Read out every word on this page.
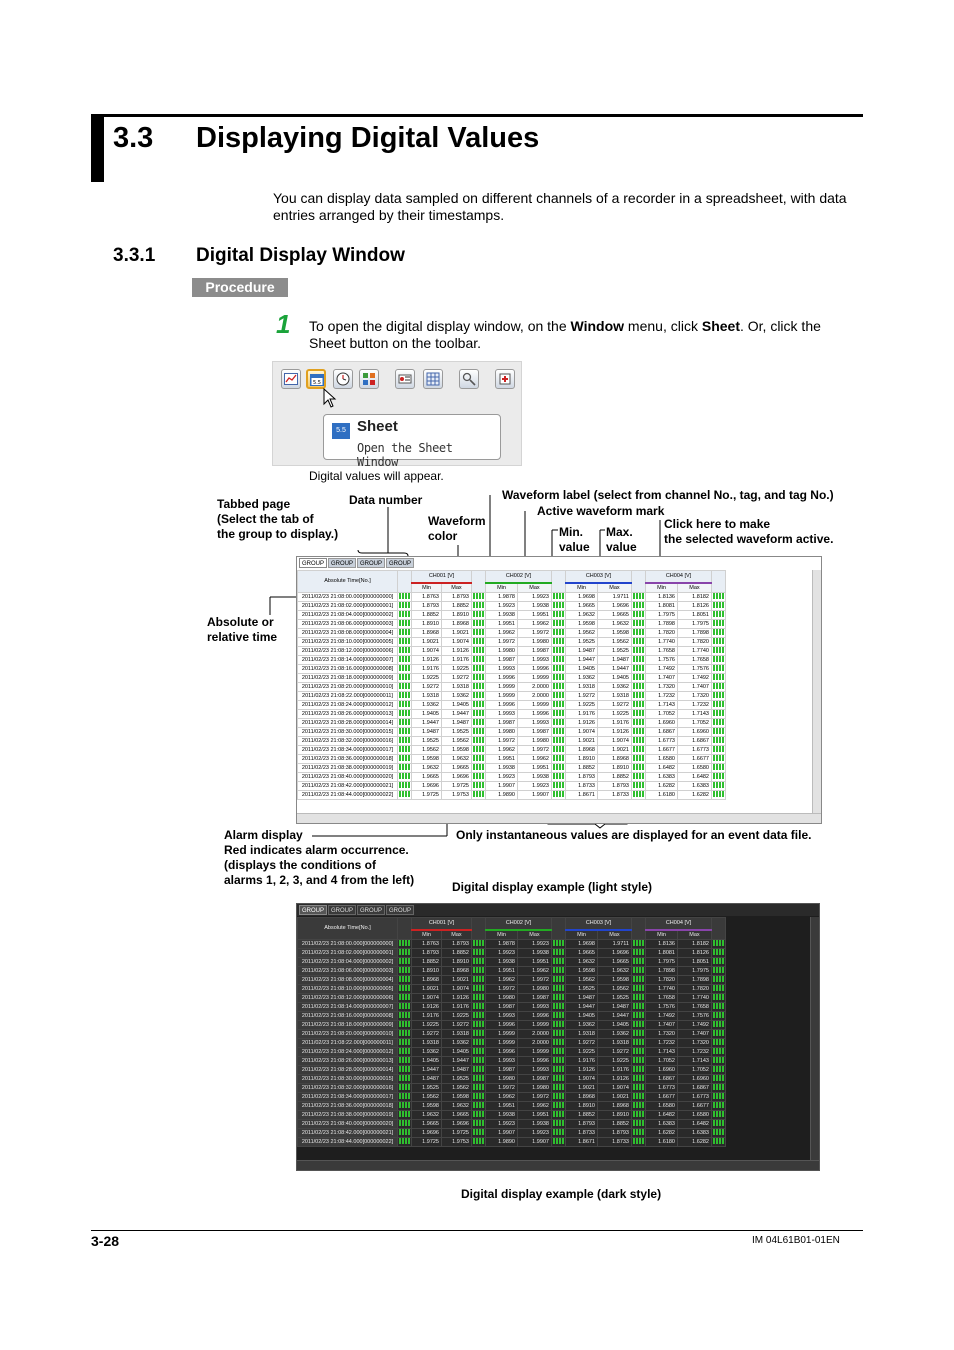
3.3 Displaying Digital Values
You can display data sampled on different channels of a recorder in a spreadsheet, with data entries arranged by their timestamps.
3.3.1 Digital Display Window
Procedure
1 To open the digital display window, on the Window menu, click Sheet. Or, click the Sheet button on the toolbar.
5.5
5.5 Sheet
Open the Sheet Window
Digital values will appear.
Tabbed page
(Select the tab of
the group to display.)
Data number	Waveform label (select from channel No., tag, and tag No.)
Active waveform mark
Waveform
color	Min.
value
Max.
value
Click here to make
the selected waveform active.
Absolute or
relative time
Alarm display
Red indicates alarm occurrence.
(displays the conditions of
alarms 1, 2, 3, and 4 from the left)
Only instantaneous values are displayed for an event data file.
GROUP	GROUP	GROUP	GROUP
Absolute Time[No.]		CH001 [V]			CH002 [V]			CH003 [V]			CH004 [V]		
		Min	Max		Min	Max		Min	Max		Min	Max	
2011/02/23 21:08:00.000[000000000]		1.8763	1.8793		1.9878	1.9923		1.9698	1.9711		1.8136	1.8182	
2011/02/23 21:08:02.000[000000001]		1.8793	1.8852		1.9923	1.9938		1.9665	1.9696		1.8081	1.8126	
2011/02/23 21:08:04.000[000000002]		1.8852	1.8910		1.9938	1.9951		1.9632	1.9665		1.7975	1.8051	
2011/02/23 21:08:06.000[000000003]		1.8910	1.8968		1.9951	1.9962		1.9598	1.9632		1.7898	1.7975	
2011/02/23 21:08:08.000[000000004]		1.8968	1.9021		1.9962	1.9972		1.9562	1.9598		1.7820	1.7898	
2011/02/23 21:08:10.000[000000005]		1.9021	1.9074		1.9972	1.9980		1.9525	1.9562		1.7740	1.7820	
2011/02/23 21:08:12.000[000000006]		1.9074	1.9126		1.9980	1.9987		1.9487	1.9525		1.7658	1.7740	
2011/02/23 21:08:14.000[000000007]		1.9126	1.9176		1.9987	1.9993		1.9447	1.9487		1.7576	1.7658	
2011/02/23 21:08:16.000[000000008]		1.9176	1.9225		1.9993	1.9996		1.9405	1.9447		1.7492	1.7576	
2011/02/23 21:08:18.000[000000009]		1.9225	1.9272		1.9996	1.9999		1.9362	1.9405		1.7407	1.7492	
2011/02/23 21:08:20.000[000000010]		1.9272	1.9318		1.9999	2.0000		1.9318	1.9362		1.7320	1.7407	
2011/02/23 21:08:22.000[000000011]		1.9318	1.9362		1.9999	2.0000		1.9272	1.9318		1.7232	1.7320	
2011/02/23 21:08:24.000[000000012]		1.9362	1.9405		1.9996	1.9999		1.9225	1.9272		1.7143	1.7232	
2011/02/23 21:08:26.000[000000013]		1.9405	1.9447		1.9993	1.9996		1.9176	1.9225		1.7052	1.7143	
2011/02/23 21:08:28.000[000000014]		1.9447	1.9487		1.9987	1.9993		1.9126	1.9176		1.6960	1.7052	
2011/02/23 21:08:30.000[000000015]		1.9487	1.9525		1.9980	1.9987		1.9074	1.9126		1.6867	1.6960	
2011/02/23 21:08:32.000[000000016]		1.9525	1.9562		1.9972	1.9980		1.9021	1.9074		1.6773	1.6867	
2011/02/23 21:08:34.000[000000017]		1.9562	1.9598		1.9962	1.9972		1.8968	1.9021		1.6677	1.6773	
2011/02/23 21:08:36.000[000000018]		1.9598	1.9632		1.9951	1.9962		1.8910	1.8968		1.6580	1.6677	
2011/02/23 21:08:38.000[000000019]		1.9632	1.9665		1.9938	1.9951		1.8852	1.8910		1.6482	1.6580	
2011/02/23 21:08:40.000[000000020]		1.9665	1.9696		1.9923	1.9938		1.8793	1.8852		1.6383	1.6482	
2011/02/23 21:08:42.000[000000021]		1.9696	1.9725		1.9907	1.9923		1.8733	1.8793		1.6282	1.6383	
2011/02/23 21:08:44.000[000000022]		1.9725	1.9753		1.9890	1.9907		1.8671	1.8733		1.6180	1.6282	
Digital display example (light style)
GROUP	GROUP	GROUP	GROUP
Absolute Time[No.]		CH001 [V]			CH002 [V]			CH003 [V]			CH004 [V]		
		Min	Max		Min	Max		Min	Max		Min	Max	
2011/02/23 21:08:00.000[000000000]		1.8763	1.8793		1.9878	1.9923		1.9698	1.9711		1.8136	1.8182	
2011/02/23 21:08:02.000[000000001]		1.8793	1.8852		1.9923	1.9938		1.9665	1.9696		1.8081	1.8126	
2011/02/23 21:08:04.000[000000002]		1.8852	1.8910		1.9938	1.9951		1.9632	1.9665		1.7975	1.8051	
2011/02/23 21:08:06.000[000000003]		1.8910	1.8968		1.9951	1.9962		1.9598	1.9632		1.7898	1.7975	
2011/02/23 21:08:08.000[000000004]		1.8968	1.9021		1.9962	1.9972		1.9562	1.9598		1.7820	1.7898	
2011/02/23 21:08:10.000[000000005]		1.9021	1.9074		1.9972	1.9980		1.9525	1.9562		1.7740	1.7820	
2011/02/23 21:08:12.000[000000006]		1.9074	1.9126		1.9980	1.9987		1.9487	1.9525		1.7658	1.7740	
2011/02/23 21:08:14.000[000000007]		1.9126	1.9176		1.9987	1.9993		1.9447	1.9487		1.7576	1.7658	
2011/02/23 21:08:16.000[000000008]		1.9176	1.9225		1.9993	1.9996		1.9405	1.9447		1.7492	1.7576	
2011/02/23 21:08:18.000[000000009]		1.9225	1.9272		1.9996	1.9999		1.9362	1.9405		1.7407	1.7492	
2011/02/23 21:08:20.000[000000010]		1.9272	1.9318		1.9999	2.0000		1.9318	1.9362		1.7320	1.7407	
2011/02/23 21:08:22.000[000000011]		1.9318	1.9362		1.9999	2.0000		1.9272	1.9318		1.7232	1.7320	
2011/02/23 21:08:24.000[000000012]		1.9362	1.9405		1.9996	1.9999		1.9225	1.9272		1.7143	1.7232	
2011/02/23 21:08:26.000[000000013]		1.9405	1.9447		1.9993	1.9996		1.9176	1.9225		1.7052	1.7143	
2011/02/23 21:08:28.000[000000014]		1.9447	1.9487		1.9987	1.9993		1.9126	1.9176		1.6960	1.7052	
2011/02/23 21:08:30.000[000000015]		1.9487	1.9525		1.9980	1.9987		1.9074	1.9126		1.6867	1.6960	
2011/02/23 21:08:32.000[000000016]		1.9525	1.9562		1.9972	1.9980		1.9021	1.9074		1.6773	1.6867	
2011/02/23 21:08:34.000[000000017]		1.9562	1.9598		1.9962	1.9972		1.8968	1.9021		1.6677	1.6773	
2011/02/23 21:08:36.000[000000018]		1.9598	1.9632		1.9951	1.9962		1.8910	1.8968		1.6580	1.6677	
2011/02/23 21:08:38.000[000000019]		1.9632	1.9665		1.9938	1.9951		1.8852	1.8910		1.6482	1.6580	
2011/02/23 21:08:40.000[000000020]		1.9665	1.9696		1.9923	1.9938		1.8793	1.8852		1.6383	1.6482	
2011/02/23 21:08:42.000[000000021]		1.9696	1.9725		1.9907	1.9923		1.8733	1.8793		1.6282	1.6383	
2011/02/23 21:08:44.000[000000022]		1.9725	1.9753		1.9890	1.9907		1.8671	1.8733		1.6180	1.6282	
Digital display example (dark style)
3-28	IM 04L61B01-01EN
